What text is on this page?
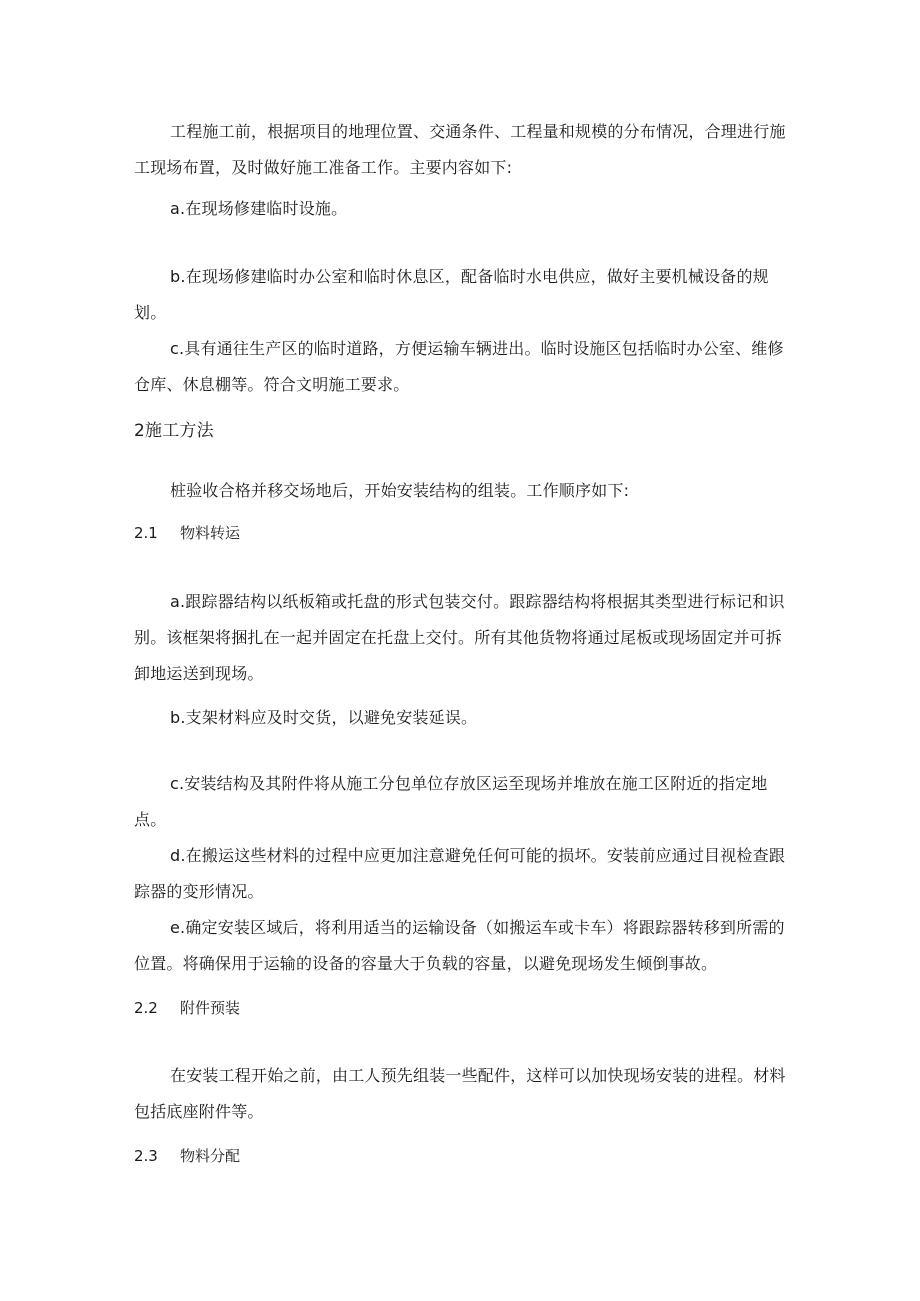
工程施工前，根据项目的地理位置、交通条件、工程量和规模的分布情况，合理进行施工现场布置，及时做好施工准备工作。主要内容如下:

a.在现场修建临时设施。

b.在现场修建临时办公室和临时休息区，配备临时水电供应，做好主要机械设备的规划。

c.具有通往生产区的临时道路，方便运输车辆进出。临时设施区包括临时办公室、维修仓库、休息棚等。符合文明施工要求。

2施工方法

桩验收合格并移交场地后，开始安装结构的组装。工作顺序如下:

2.1 物料转运

a.跟踪器结构以纸板箱或托盘的形式包装交付。跟踪器结构将根据其类型进行标记和识别。该框架将捆扎在一起并固定在托盘上交付。所有其他货物将通过尾板或现场固定并可拆卸地运送到现场。

b.支架材料应及时交货，以避免安装延误。

c.安装结构及其附件将从施工分包单位存放区运至现场并堆放在施工区附近的指定地点。

d.在搬运这些材料的过程中应更加注意避免任何可能的损坏。安装前应通过目视检查跟踪器的变形情况。

e.确定安装区域后，将利用适当的运输设备（如搬运车或卡车）将跟踪器转移到所需的位置。将确保用于运输的设备的容量大于负载的容量，以避免现场发生倾倒事故。

2.2 附件预装

在安装工程开始之前，由工人预先组装一些配件，这样可以加快现场安装的进程。材料包括底座附件等。

2.3 物料分配
